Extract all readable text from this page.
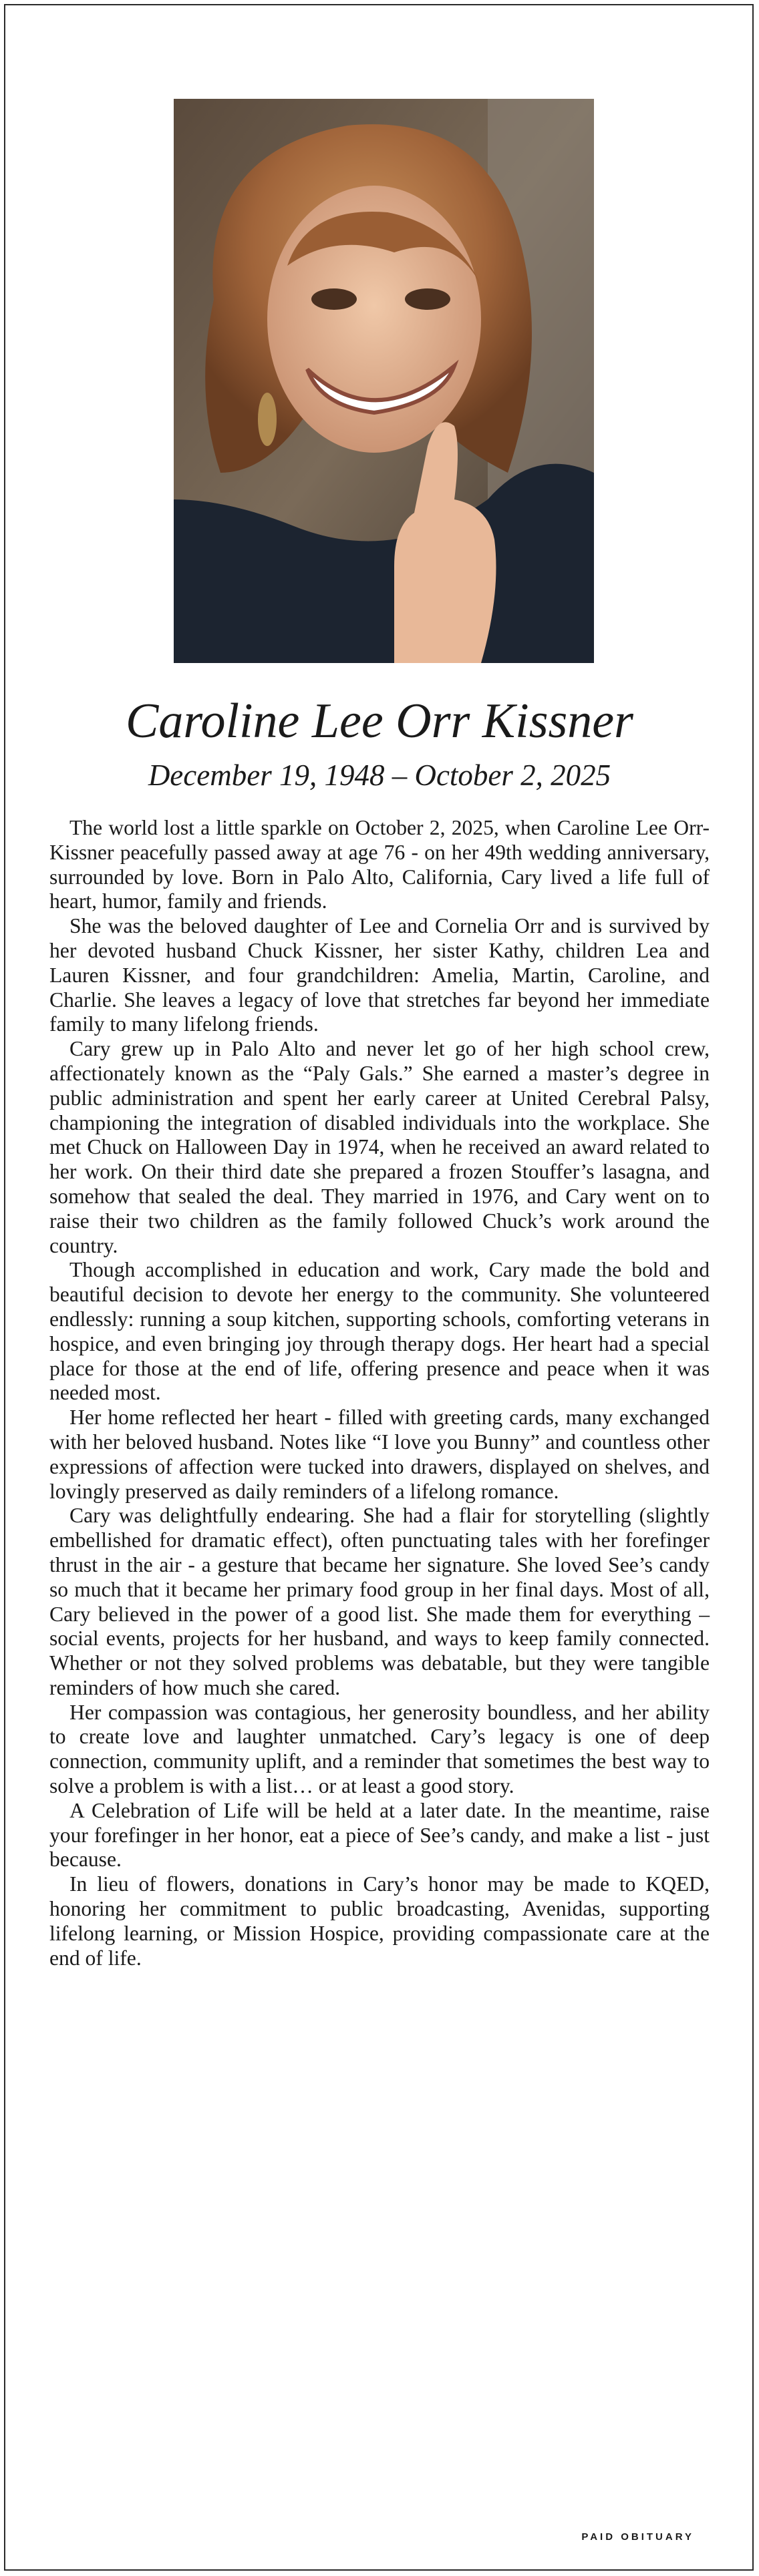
Caroline Lee Orr Kissner

December 19, 1948 – October 2, 2025

The world lost a little sparkle on October 2, 2025, when Caroline Lee Orr-Kissner peacefully passed away at age 76 - on her 49th wedding anniversary, surrounded by love. Born in Palo Alto, California, Cary lived a life full of heart, humor, family and friends.

She was the beloved daughter of Lee and Cornelia Orr and is survived by her devoted husband Chuck Kissner, her sister Kathy, children Lea and Lauren Kissner, and four grandchildren: Amelia, Martin, Caroline, and Charlie. She leaves a legacy of love that stretches far beyond her immediate family to many lifelong friends.

Cary grew up in Palo Alto and never let go of her high school crew, affectionately known as the “Paly Gals.” She earned a master’s degree in public administration and spent her early career at United Cerebral Palsy, championing the integration of disabled individuals into the workplace. She met Chuck on Halloween Day in 1974, when he received an award related to her work. On their third date she prepared a frozen Stouffer’s lasagna, and somehow that sealed the deal. They married in 1976, and Cary went on to raise their two children as the family followed Chuck’s work around the country.

Though accomplished in education and work, Cary made the bold and beautiful decision to devote her energy to the community. She volunteered endlessly: running a soup kitchen, supporting schools, comforting veterans in hospice, and even bringing joy through therapy dogs. Her heart had a special place for those at the end of life, offering presence and peace when it was needed most.

Her home reflected her heart - filled with greeting cards, many exchanged with her beloved husband. Notes like “I love you Bunny” and countless other expressions of affection were tucked into drawers, displayed on shelves, and lovingly preserved as daily reminders of a lifelong romance.

Cary was delightfully endearing. She had a flair for storytelling (slightly embellished for dramatic effect), often punctuating tales with her forefinger thrust in the air - a gesture that became her signature. She loved See’s candy so much that it became her primary food group in her final days. Most of all, Cary believed in the power of a good list. She made them for everything – social events, projects for her husband, and ways to keep family connected. Whether or not they solved problems was debatable, but they were tangible reminders of how much she cared.

Her compassion was contagious, her generosity boundless, and her ability to create love and laughter unmatched. Cary’s legacy is one of deep connection, community uplift, and a reminder that sometimes the best way to solve a problem is with a list… or at least a good story.

A Celebration of Life will be held at a later date. In the meantime, raise your forefinger in her honor, eat a piece of See’s candy, and make a list - just because.

In lieu of flowers, donations in Cary’s honor may be made to KQED, honoring her commitment to public broadcasting, Avenidas, supporting lifelong learning, or Mission Hospice, providing compassionate care at the end of life.

PAID OBITUARY
